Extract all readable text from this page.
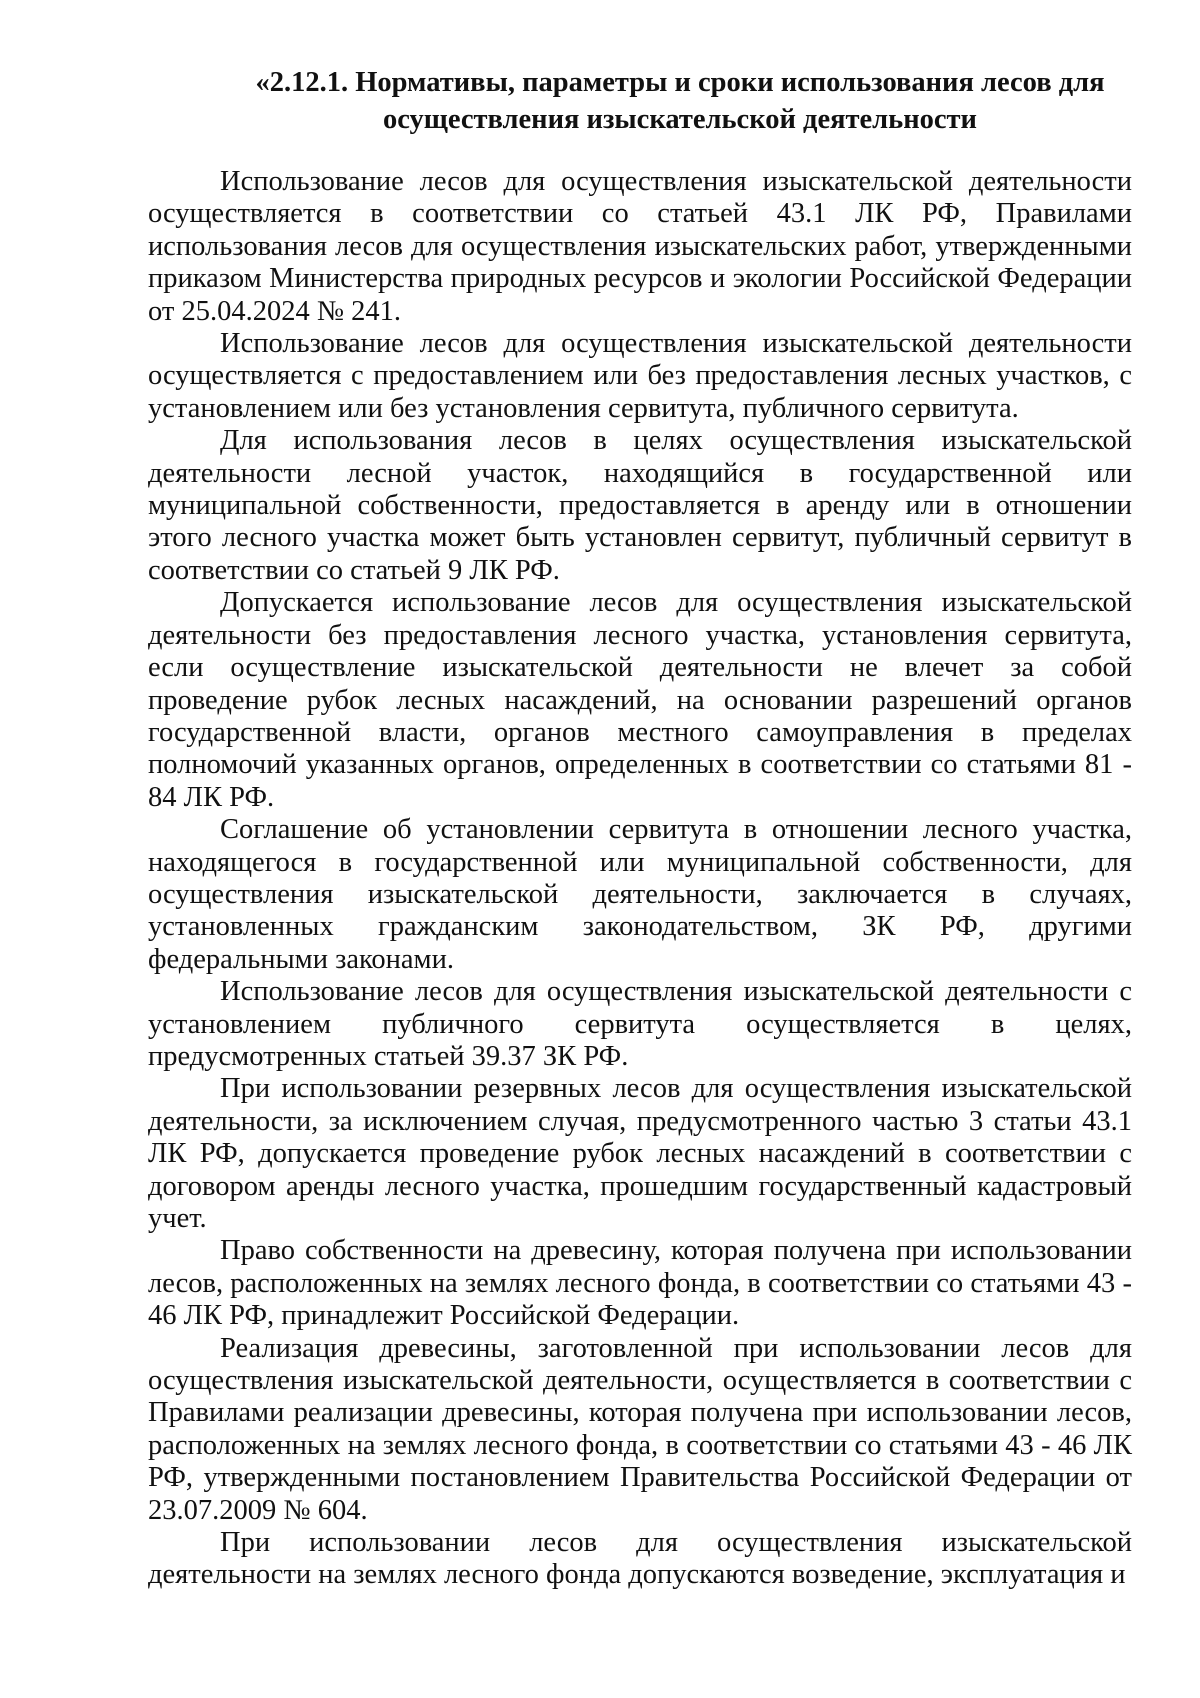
«2.12.1. Нормативы, параметры и сроки использования лесов для осуществления изыскательской деятельности

Использование лесов для осуществления изыскательской деятельности осуществляется в соответствии со статьей 43.1 ЛК РФ, Правилами использования лесов для осуществления изыскательских работ, утвержденными приказом Министерства природных ресурсов и экологии Российской Федерации от 25.04.2024 № 241.

Использование лесов для осуществления изыскательской деятельности осуществляется с предоставлением или без предоставления лесных участков, с установлением или без установления сервитута, публичного сервитута.

Для использования лесов в целях осуществления изыскательской деятельности лесной участок, находящийся в государственной или муниципальной собственности, предоставляется в аренду или в отношении этого лесного участка может быть установлен сервитут, публичный сервитут в соответствии со статьей 9 ЛК РФ.

Допускается использование лесов для осуществления изыскательской деятельности без предоставления лесного участка, установления сервитута, если осуществление изыскательской деятельности не влечет за собой проведение рубок лесных насаждений, на основании разрешений органов государственной власти, органов местного самоуправления в пределах полномочий указанных органов, определенных в соответствии со статьями 81 - 84 ЛК РФ.

Соглашение об установлении сервитута в отношении лесного участка, находящегося в государственной или муниципальной собственности, для осуществления изыскательской деятельности, заключается в случаях, установленных гражданским законодательством, ЗК РФ, другими федеральными законами.

Использование лесов для осуществления изыскательской деятельности с установлением публичного сервитута осуществляется в целях, предусмотренных статьей 39.37 ЗК РФ.

При использовании резервных лесов для осуществления изыскательской деятельности, за исключением случая, предусмотренного частью 3 статьи 43.1 ЛК РФ, допускается проведение рубок лесных насаждений в соответствии с договором аренды лесного участка, прошедшим государственный кадастровый учет.

Право собственности на древесину, которая получена при использовании лесов, расположенных на землях лесного фонда, в соответствии со статьями 43 - 46 ЛК РФ, принадлежит Российской Федерации.

Реализация древесины, заготовленной при использовании лесов для осуществления изыскательской деятельности, осуществляется в соответствии с Правилами реализации древесины, которая получена при использовании лесов, расположенных на землях лесного фонда, в соответствии со статьями 43 - 46 ЛК РФ, утвержденными постановлением Правительства Российской Федерации от 23.07.2009 № 604.

При использовании лесов для осуществления изыскательской деятельности на землях лесного фонда допускаются возведение, эксплуатация и
